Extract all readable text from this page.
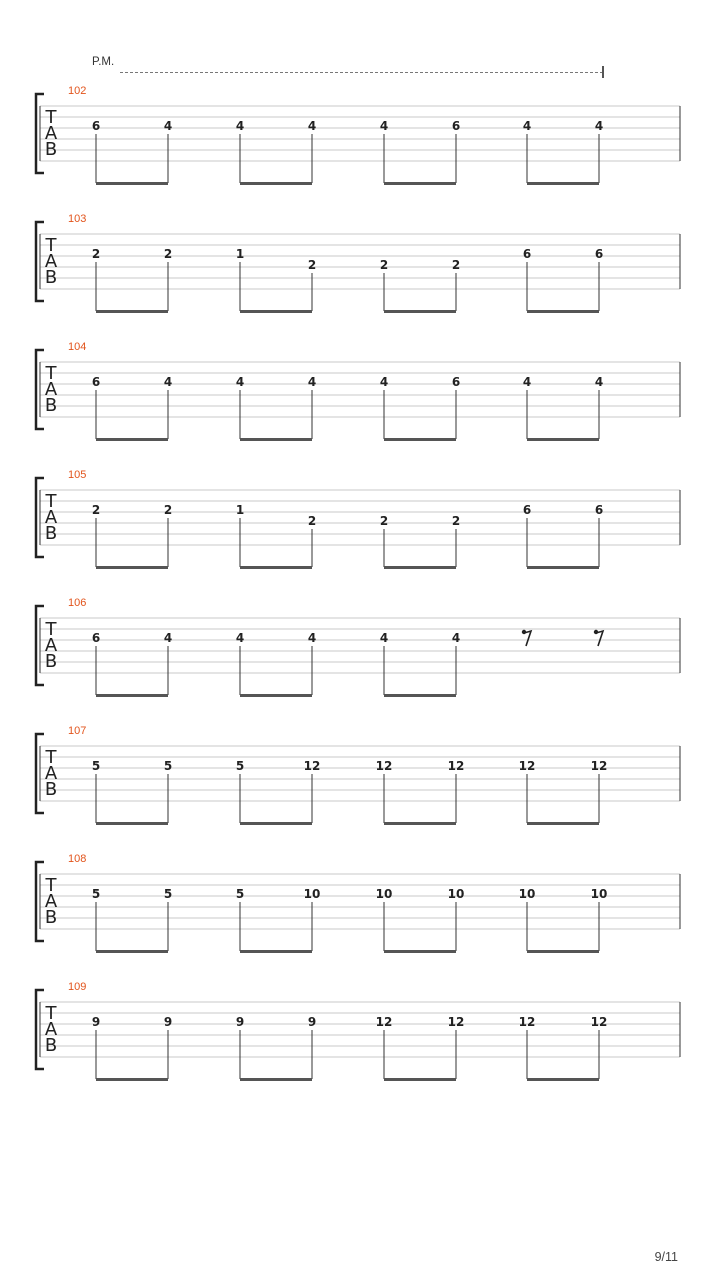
P.M.
T
A
B
102
6	4	4	4	4	6	4	4
T
A
B
103
2	2	1
2	2	2
6	6
T
A
B
104
6	4	4	4	4	6	4	4
T
A
B
105
2	2	1
2	2	2
6	6
T
A
B
106
6	4	4	4	4	4
T
A
B
107
5	5	5	12	12	12	12	12
T
A
B
108
5	5	5	10	10	10	10	10
T
A
B
109
9	9	9	9	12	12	12	12
9/11
